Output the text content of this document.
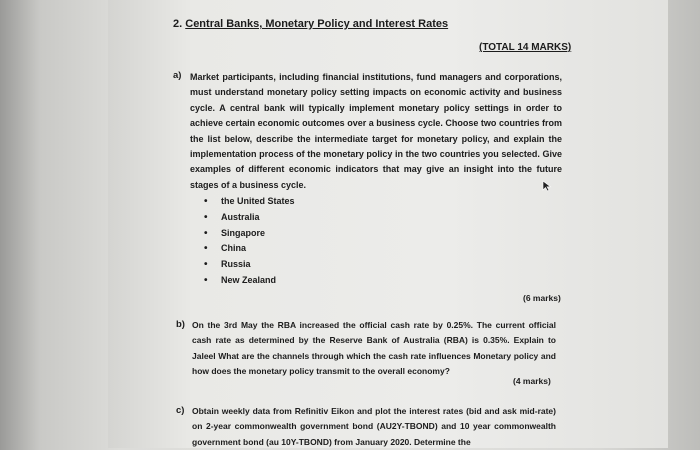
2. Central Banks, Monetary Policy and Interest Rates
(TOTAL 14 MARKS)
a) Market participants, including financial institutions, fund managers and corporations, must understand monetary policy setting impacts on economic activity and business cycle. A central bank will typically implement monetary policy settings in order to achieve certain economic outcomes over a business cycle. Choose two countries from the list below, describe the intermediate target for monetary policy, and explain the implementation process of the monetary policy in the two countries you selected. Give examples of different economic indicators that may give an insight into the future stages of a business cycle.
• the United States
• Australia
• Singapore
• China
• Russia
• New Zealand
(6 marks)
b) On the 3rd May the RBA increased the official cash rate by 0.25%. The current official cash rate as determined by the Reserve Bank of Australia (RBA) is 0.35%. Explain to Jaleel What are the channels through which the cash rate influences Monetary policy and how does the monetary policy transmit to the overall economy?
(4 marks)
c) Obtain weekly data from Refinitiv Eikon and plot the interest rates (bid and ask mid-rate) on 2-year commonwealth government bond (AU2Y-TBOND) and 10 year commonwealth government bond (au 10Y-TBOND) from January 2020. Determine the
